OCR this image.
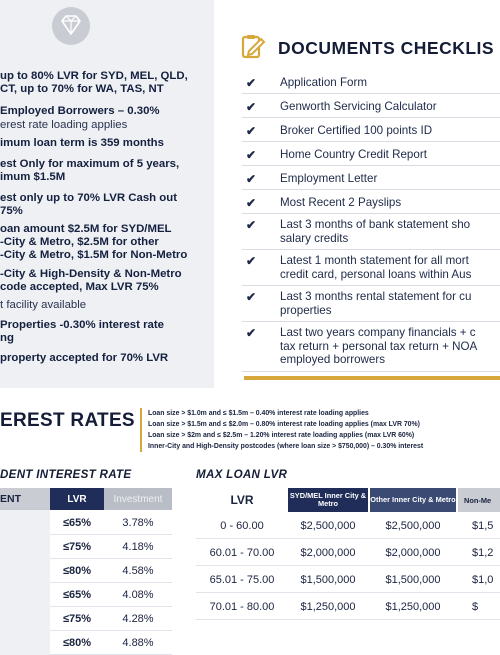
up to 80% LVR for SYD, MEL, QLD,
CT, up to 70% for WA, TAS, NT
Employed Borrowers – 0.30%
erest rate loading applies
imum loan term is 359 months
est Only for maximum of 5 years,
imum $1.5M
est only up to 70% LVR Cash out
75%
oan amount $2.5M for SYD/MEL
-City & Metro, $2.5M for other
-City & Metro, $1.5M for Non-Metro
-City & High-Density & Non-Metro
code accepted, Max LVR 75%
t facility available
Properties -0.30% interest rate
ng
property accepted for 70% LVR
DOCUMENTS CHECKLIS
✔ Application Form
✔ Genworth Servicing Calculator
✔ Broker Certified 100 points ID
✔ Home Country Credit Report
✔ Employment Letter
✔ Most Recent 2 Payslips
✔ Last 3 months of bank statement sho
salary credits
✔ Latest 1 month statement for all mort
credit card, personal loans within Aus
✔ Last 3 months rental statement for cu
properties
✔ Last two years company financials + c
tax return + personal tax return + NOA
employed borrowers
EREST RATES Loan size > $1.0m and ≤ $1.5m – 0.40% interest rate loading applies
Loan size > $1.5m and ≤ $2.0m – 0.80% interest rate loading applies (max LVR 70%)
Loan size > $2m and ≤ $2.5m – 1.20% interest rate loading applies (max LVR 60%)
Inner-City and High-Density postcodes (where loan size > $750,000) – 0.30% interest
DENT INTEREST RATE	MAX LOAN LVR
ENT	LVR	Investment
≤65%	3.78%
≤75%	4.18%
≤80%	4.58%
≤65%	4.08%
≤75%	4.28%
≤80%	4.88%
LVR	SYD/MEL Inner City & Metro	Other Inner City & Metro	Non-Me
0 - 60.00	$2,500,000	$2,500,000	$1,5
60.01 - 70.00	$2,000,000	$2,000,000	$1,2
65.01 - 75.00	$1,500,000	$1,500,000	$1,0
70.01 - 80.00	$1,250,000	$1,250,000	$
